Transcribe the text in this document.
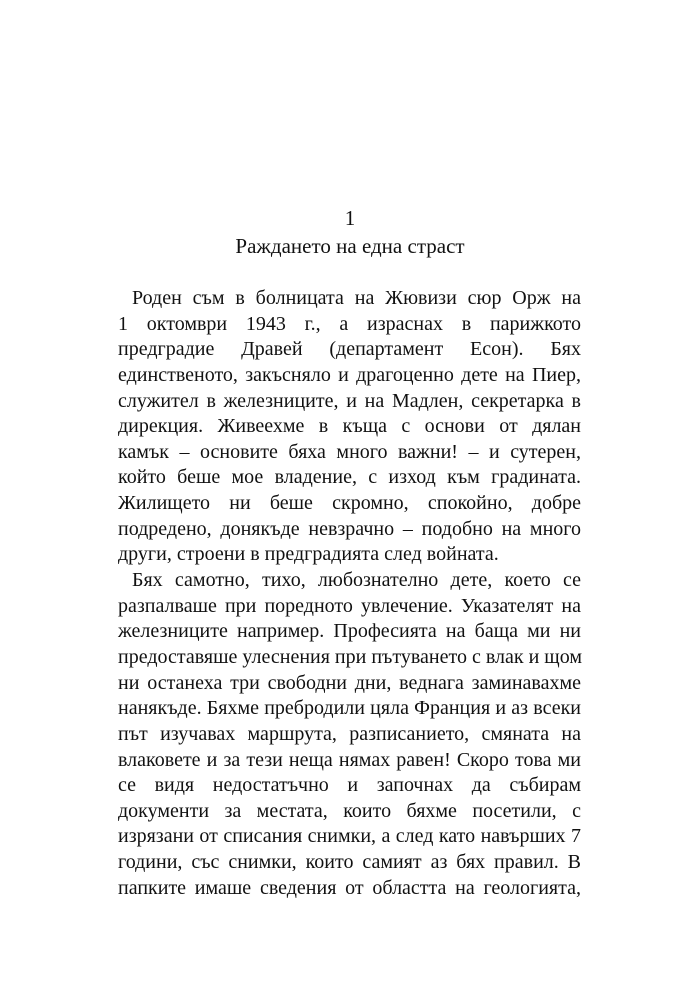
1
Раждането на една страст
Роден съм в болницата на Жювизи сюр Орж на
1 октомври 1943 г., а израснах в парижкото
предградие Дравей (департамент Есон). Бях
единственото, закъсняло и драгоценно дете на Пиер,
служител в железниците, и на Мадлен, секретарка в
дирекция. Живеехме в къща с основи от дялан
камък – основите бяха много важни! – и сутерен,
който беше мое владение, с изход към градината.
Жилището ни беше скромно, спокойно, добре
подредено, донякъде невзрачно – подобно на много
други, строени в предградията след войната.
Бях самотно, тихо, любознателно дете, което се
разпалваше при поредното увлечение. Указателят на
железниците например. Професията на баща ми ни
предоставяше улеснения при пътуването с влак и щом
ни останеха три свободни дни, веднага заминавахме
нанякъде. Бяхме пребродили цяла Франция и аз всеки
път изучавах маршрута, разписанието, смяната на
влаковете и за тези неща нямах равен! Скоро това ми
се видя недостатъчно и започнах да събирам
документи за местата, които бяхме посетили, с
изрязани от списания снимки, а след като навърших 7
години, със снимки, които самият аз бях правил. В
папките имаше сведения от областта на геологията,
